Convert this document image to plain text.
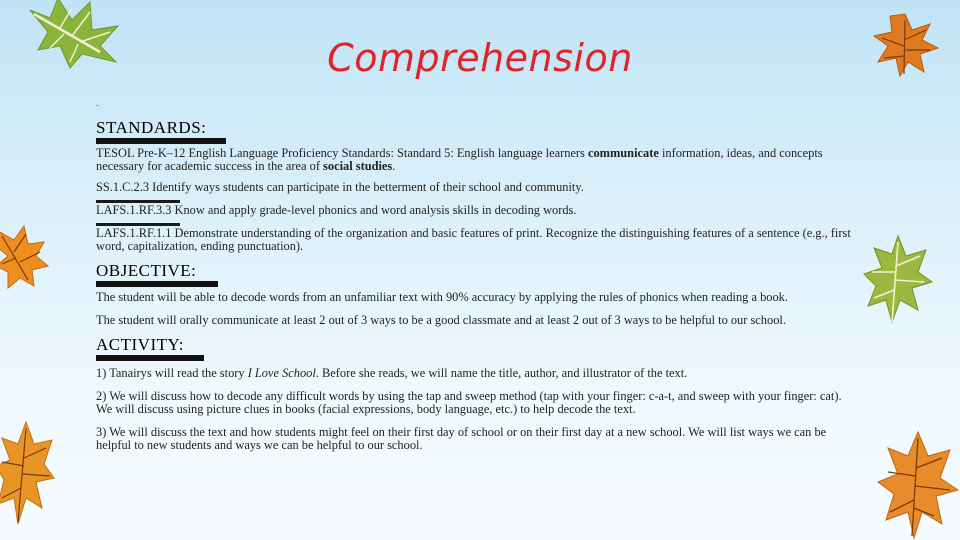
Comprehension
.
STANDARDS:

TESOL Pre-K–12 English Language Proficiency Standards: Standard 5: English language learners communicate information, ideas, and concepts necessary for academic success in the area of social studies.

SS.1.C.2.3 Identify ways students can participate in the betterment of their school and community.

LAFS.1.RF.3.3 Know and apply grade-level phonics and word analysis skills in decoding words.

LAFS.1.RF.1.1 Demonstrate understanding of the organization and basic features of print. Recognize the distinguishing features of a sentence (e.g., first word, capitalization, ending punctuation).

OBJECTIVE:

The student will be able to decode words from an unfamiliar text with 90% accuracy by applying the rules of phonics when reading a book.

The student will orally communicate at least 2 out of 3 ways to be a good classmate and at least 2 out of 3 ways to be helpful to our school.

ACTIVITY:

1) Tanairys will read the story I Love School. Before she reads, we will name the title, author, and illustrator of the text.

2) We will discuss how to decode any difficult words by using the tap and sweep method (tap with your finger: c-a-t, and sweep with your finger: cat). We will discuss using picture clues in books (facial expressions, body language, etc.) to help decode the text.

3) We will discuss the text and how students might feel on their first day of school or on their first day at a new school. We will list ways we can be helpful to new students and ways we can be helpful to our school.
